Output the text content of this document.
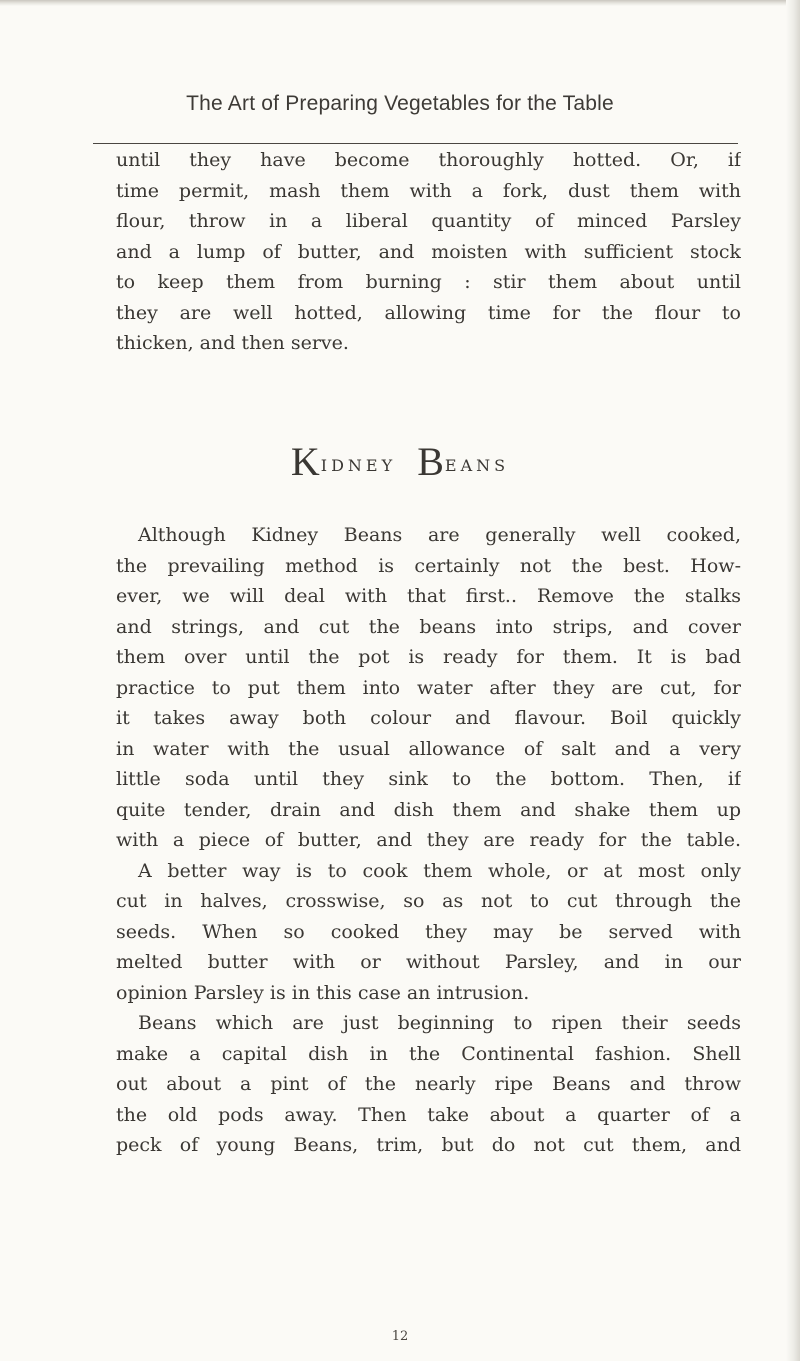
The Art of Preparing Vegetables for the Table
until they have become thoroughly hotted. Or, if
time permit, mash them with a fork, dust them with
flour, throw in a liberal quantity of minced Parsley
and a lump of butter, and moisten with sufficient stock
to keep them from burning : stir them about until
they are well hotted, allowing time for the flour to
thicken, and then serve.
KIDNEY BEANS
Although Kidney Beans are generally well cooked,
the prevailing method is certainly not the best. How-
ever, we will deal with that first.. Remove the stalks
and strings, and cut the beans into strips, and cover
them over until the pot is ready for them. It is bad
practice to put them into water after they are cut, for
it takes away both colour and flavour. Boil quickly
in water with the usual allowance of salt and a very
little soda until they sink to the bottom. Then, if
quite tender, drain and dish them and shake them up
with a piece of butter, and they are ready for the table.
A better way is to cook them whole, or at most only
cut in halves, crosswise, so as not to cut through the
seeds. When so cooked they may be served with
melted butter with or without Parsley, and in our
opinion Parsley is in this case an intrusion.
Beans which are just beginning to ripen their seeds
make a capital dish in the Continental fashion. Shell
out about a pint of the nearly ripe Beans and throw
the old pods away. Then take about a quarter of a
peck of young Beans, trim, but do not cut them, and
12
